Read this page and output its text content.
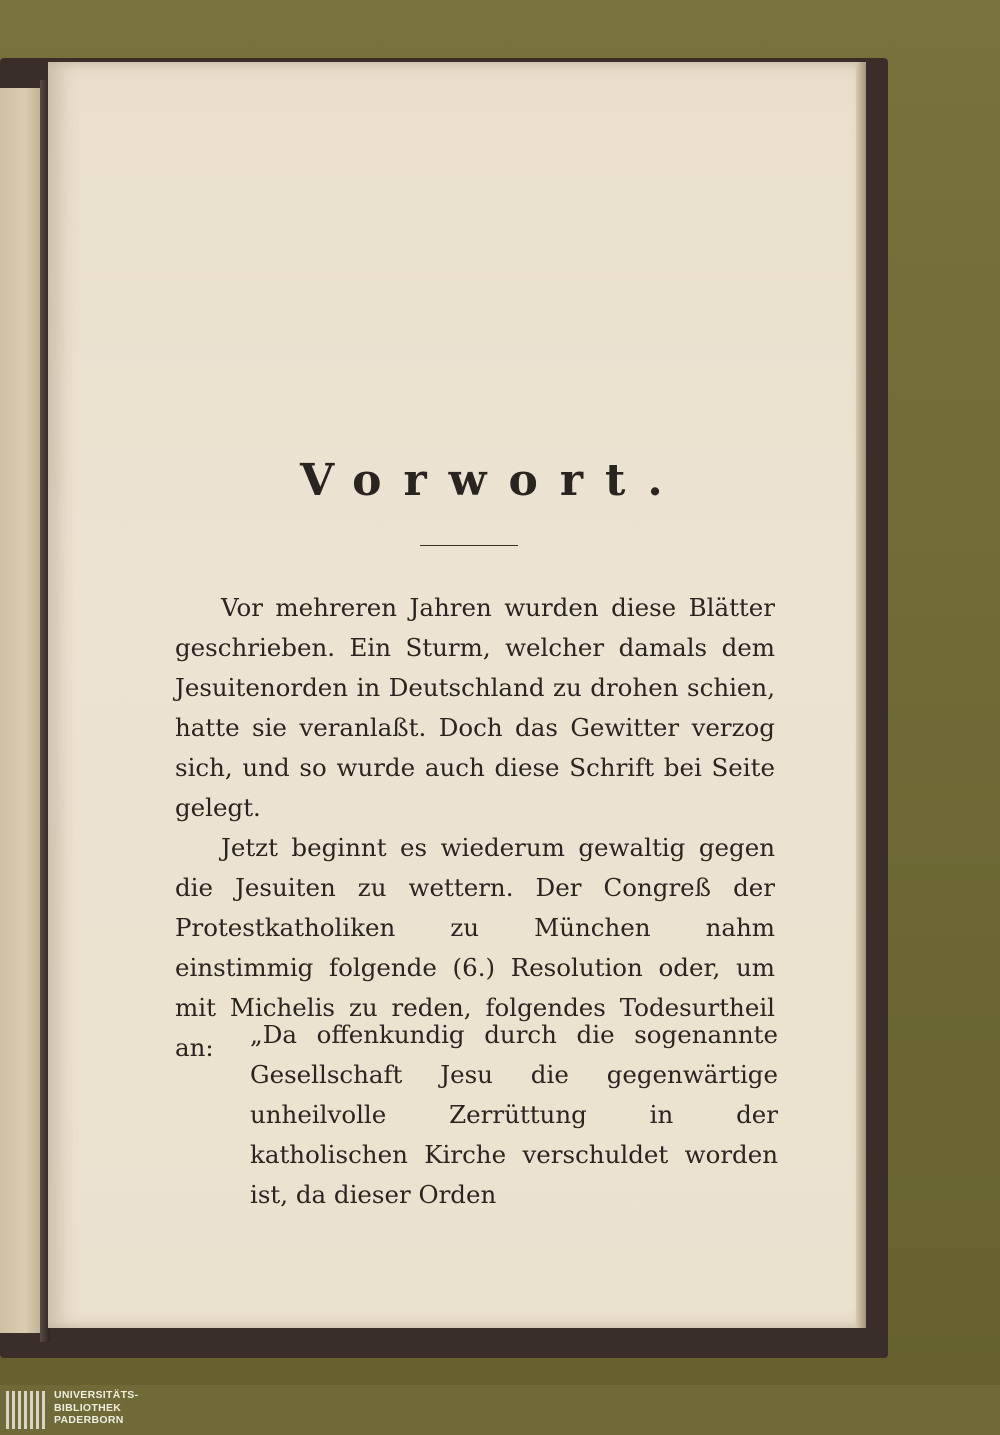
Vorwort.

Vor mehreren Jahren wurden diese Blätter geschrieben. Ein Sturm, welcher damals dem Jesuitenorden in Deutschland zu drohen schien, hatte sie veranlaßt. Doch das Gewitter verzog sich, und so wurde auch diese Schrift bei Seite gelegt.

Jetzt beginnt es wiederum gewaltig gegen die Jesuiten zu wettern. Der Congreß der Protestkatholiken zu München nahm einstimmig folgende (6.) Resolution oder, um mit Michelis zu reden, folgendes Todesurtheil an:	„Da offenkundig durch die sogenannte Gesellschaft Jesu die gegenwärtige unheilvolle Zerrüttung in der katholischen Kirche verschuldet worden ist, da dieser Orden

UNIVERSITÄTS-
BIBLIOTHEK
PADERBORN
